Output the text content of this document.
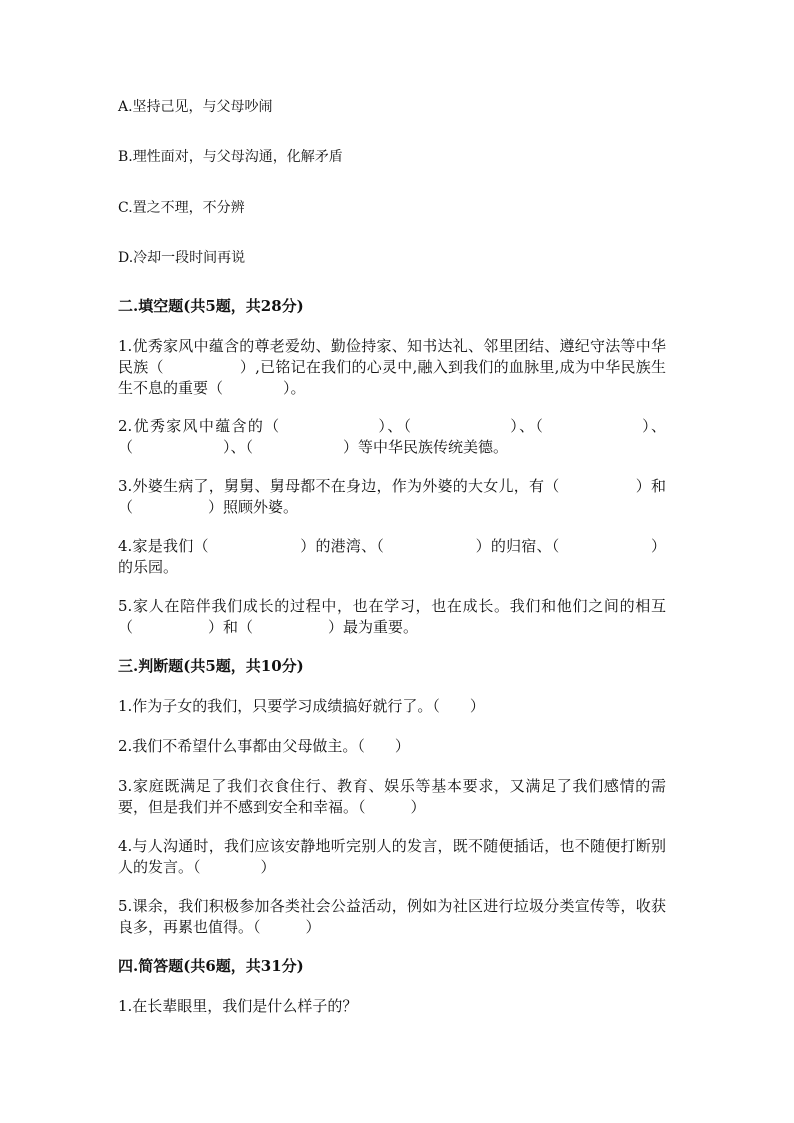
A.坚持己见，与父母吵闹
B.理性面对，与父母沟通，化解矛盾
C.置之不理，不分辨
D.冷却一段时间再说
二.填空题(共5题，共28分)
1.优秀家风中蕴含的尊老爱幼、勤俭持家、知书达礼、邻里团结、遵纪守法等中华民族（　　　　　）,已铭记在我们的心灵中,融入到我们的血脉里,成为中华民族生生不息的重要（　　　　）。
2.优秀家风中蕴含的（　　　　　　）、（　　　　　　）、（　　　　　　）、（　　　　　　）、（　　　　　　）等中华民族传统美德。
3.外婆生病了，舅舅、舅母都不在身边，作为外婆的大女儿，有（　　　　　）和（　　　　　）照顾外婆。
4.家是我们（　　　　　　）的港湾、（　　　　　　）的归宿、（　　　　　　）的乐园。
5.家人在陪伴我们成长的过程中，也在学习，也在成长。我们和他们之间的相互（　　　　　）和（　　　　　）最为重要。
三.判断题(共5题，共10分)
1.作为子女的我们，只要学习成绩搞好就行了。（　　）
2.我们不希望什么事都由父母做主。（　　）
3.家庭既满足了我们衣食住行、教育、娱乐等基本要求，又满足了我们感情的需要，但是我们并不感到安全和幸福。（　　　）
4.与人沟通时，我们应该安静地听完别人的发言，既不随便插话，也不随便打断别人的发言。（　　　　）
5.课余，我们积极参加各类社会公益活动，例如为社区进行垃圾分类宣传等，收获良多，再累也值得。（　　　）
四.简答题(共6题，共31分)
1.在长辈眼里，我们是什么样子的？
